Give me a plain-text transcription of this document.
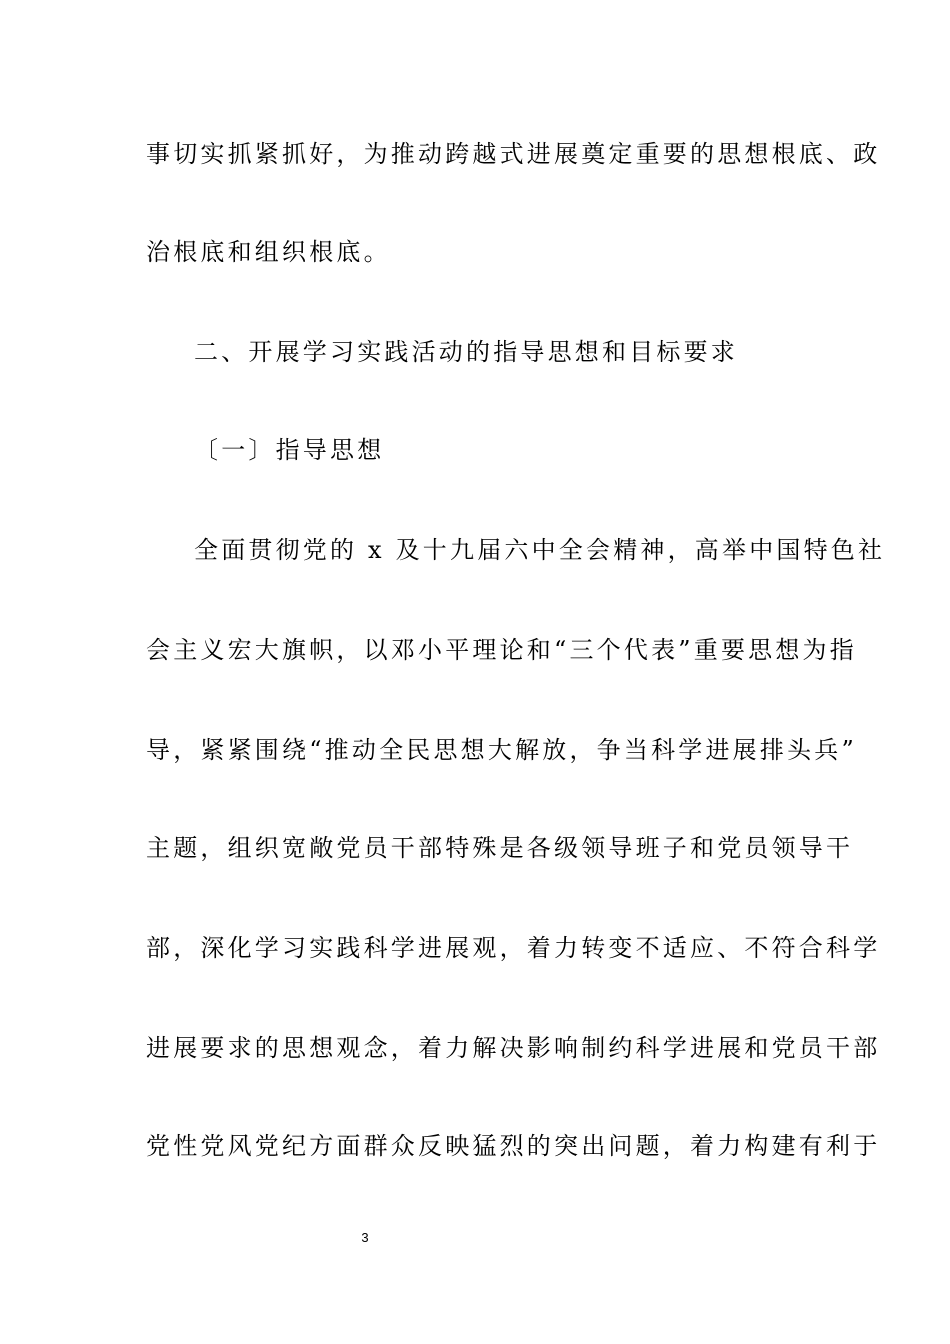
事切实抓紧抓好，为推动跨越式进展奠定重要的思想根底、政
治根底和组织根底。
二、开展学习实践活动的指导思想和目标要求
〔一〕指导思想
全面贯彻党的 x 及十九届六中全会精神，高举中国特色社
会主义宏大旗帜，以邓小平理论和“三个代表”重要思想为指
导，紧紧围绕“推动全民思想大解放，争当科学进展排头兵”
主题，组织宽敞党员干部特殊是各级领导班子和党员领导干
部，深化学习实践科学进展观，着力转变不适应、不符合科学
进展要求的思想观念，着力解决影响制约科学进展和党员干部
党性党风党纪方面群众反映猛烈的突出问题，着力构建有利于
3
